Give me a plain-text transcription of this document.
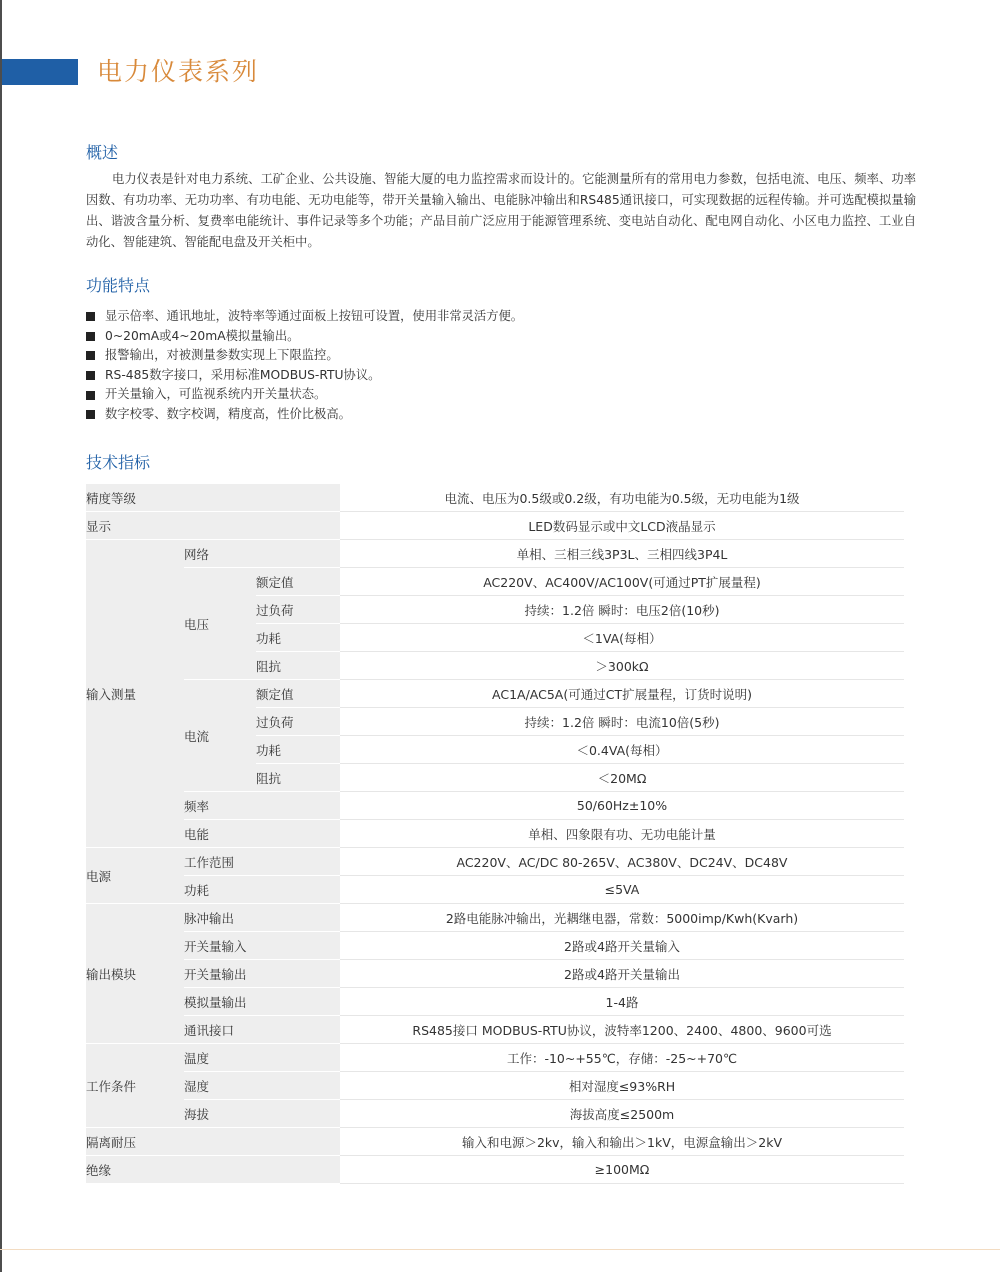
电力仪表系列
概述
电力仪表是针对电力系统、工矿企业、公共设施、智能大厦的电力监控需求而设计的。它能测量所有的常用电力参数，包括电流、电压、频率、功率因数、有功功率、无功功率、有功电能、无功电能等，带开关量输入输出、电能脉冲输出和RS485通讯接口，可实现数据的远程传输。并可选配模拟量输出、谐波含量分析、复费率电能统计、事件记录等多个功能；产品目前广泛应用于能源管理系统、变电站自动化、配电网自动化、小区电力监控、工业自动化、智能建筑、智能配电盘及开关柜中。
功能特点
显示倍率、通讯地址，波特率等通过面板上按钮可设置，使用非常灵活方便。
0~20mA或4~20mA模拟量输出。
报警输出，对被测量参数实现上下限监控。
RS-485数字接口，采用标准MODBUS-RTU协议。
开关量输入，可监视系统内开关量状态。
数字校零、数字校调，精度高，性价比极高。
技术指标
精度等级			电流、电压为0.5级或0.2级，有功电能为0.5级，无功电能为1级
显示			LED数码显示或中文LCD液晶显示
输入测量	网络		单相、三相三线3P3L、三相四线3P4L
	电压	额定值	AC220V、AC400V/AC100V(可通过PT扩展量程)
		过负荷	持续：1.2倍 瞬时：电压2倍(10秒)
		功耗	＜1VA(每相）
		阻抗	＞300kΩ
	电流	额定值	AC1A/AC5A(可通过CT扩展量程，订货时说明)
		过负荷	持续：1.2倍 瞬时：电流10倍(5秒)
		功耗	＜0.4VA(每相）
		阻抗	＜20MΩ
	频率		50/60Hz±10%
	电能		单相、四象限有功、无功电能计量
电源	工作范围		AC220V、AC/DC 80-265V、AC380V、DC24V、DC48V
	功耗		≤5VA
输出模块	脉冲输出		2路电能脉冲输出，光耦继电器，常数：5000imp/Kwh(Kvarh)
	开关量输入		2路或4路开关量输入
	开关量输出		2路或4路开关量输出
	模拟量输出		1-4路
	通讯接口		RS485接口 MODBUS-RTU协议，波特率1200、2400、4800、9600可选
工作条件	温度		工作：-10~+55℃，存储：-25~+70℃
	湿度		相对湿度≤93%RH
	海拔		海拔高度≤2500m
隔离耐压			输入和电源＞2kv，输入和输出＞1kV，电源盒输出＞2kV
绝缘			≥100MΩ
